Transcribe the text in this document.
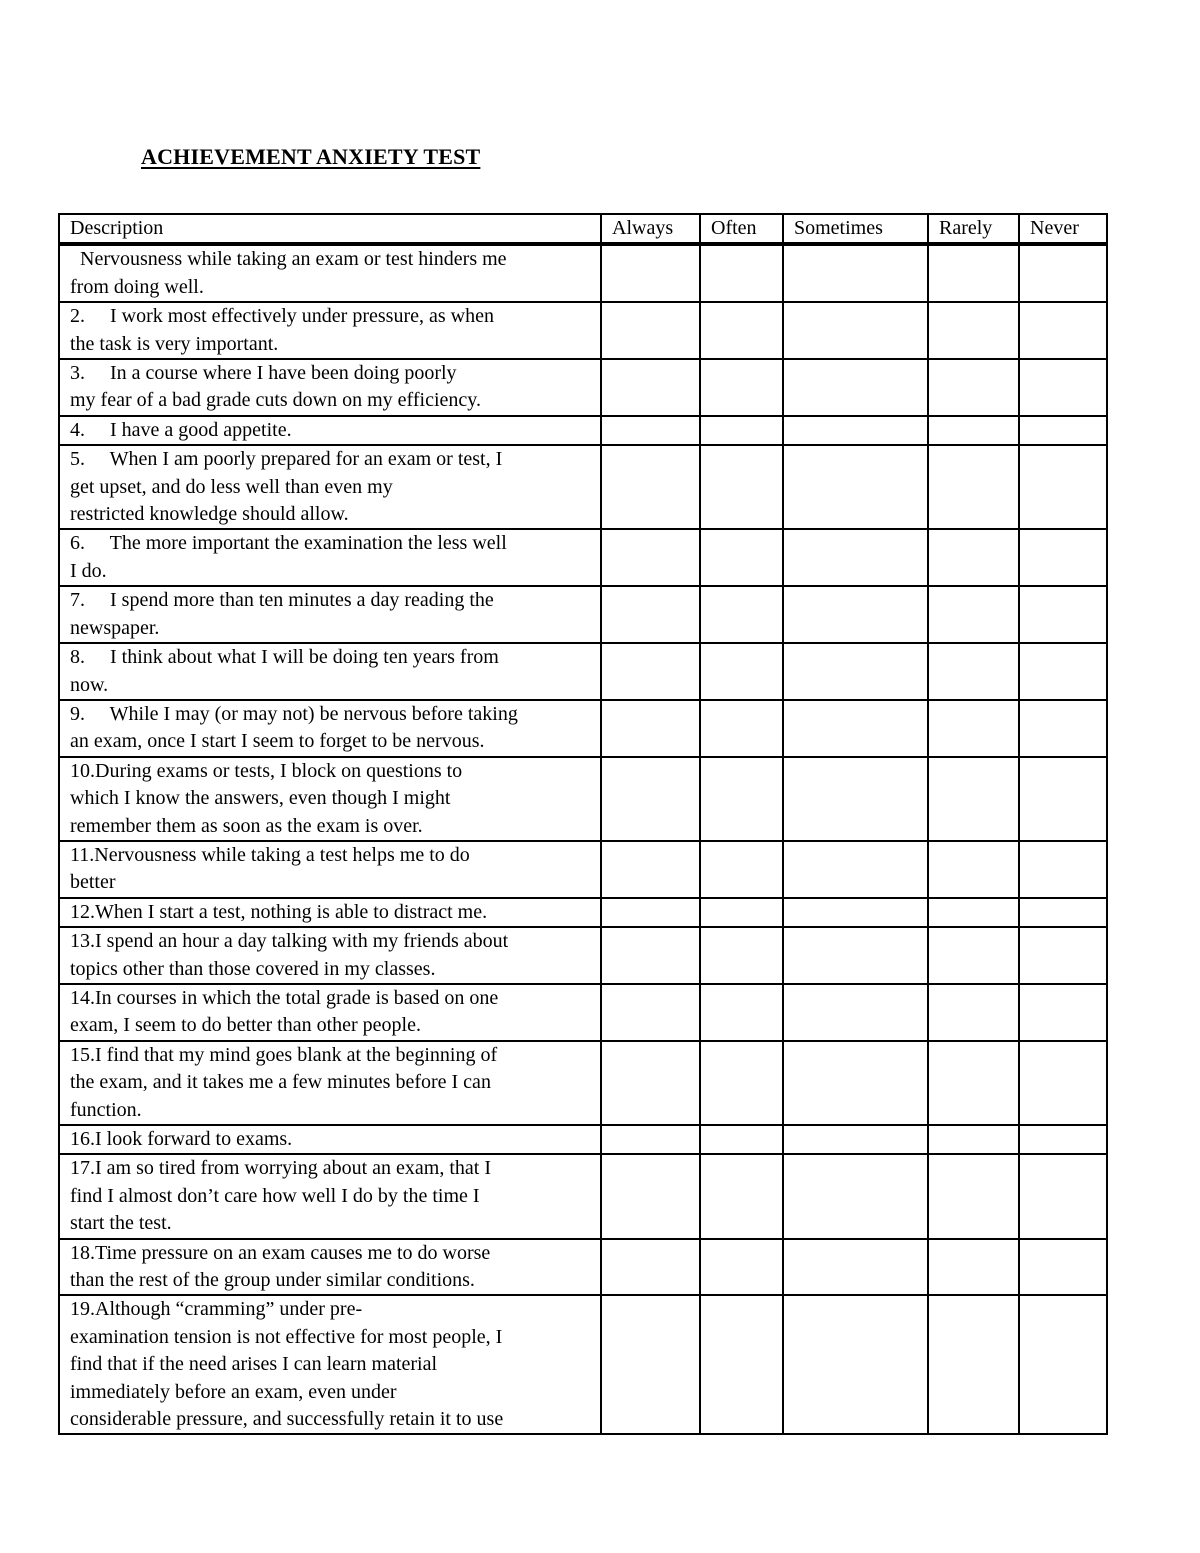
ACHIEVEMENT ANXIETY TEST
Description	Always	Often	Sometimes	Rarely	Never

Nervousness while taking an exam or test hinders me
from doing well.					

2.     I work most effectively under pressure, as when
the task is very important.					

3.     In a course where I have been doing poorly
my fear of a bad grade cuts down on my efficiency.					

4.     I have a good appetite.					

5.     When I am poorly prepared for an exam or test, I
get upset, and do less well than even my
restricted knowledge should allow.					

6.     The more important the examination the less well
I do.					

7.     I spend more than ten minutes a day reading the
newspaper.					

8.     I think about what I will be doing ten years from
now.					

9.     While I may (or may not) be nervous before taking
an exam, once I start I seem to forget to be nervous.					

10.During exams or tests, I block on questions to
which I know the answers, even though I might
remember them as soon as the exam is over.					

11.Nervousness while taking a test helps me to do
better					

12.When I start a test, nothing is able to distract me.					

13.I spend an hour a day talking with my friends about
topics other than those covered in my classes.					

14.In courses in which the total grade is based on one
exam, I seem to do better than other people.					

15.I find that my mind goes blank at the beginning of
the exam, and it takes me a few minutes before I can
function.					

16.I look forward to exams.					

17.I am so tired from worrying about an exam, that I
find I almost don’t care how well I do by the time I
start the test.					

18.Time pressure on an exam causes me to do worse
than the rest of the group under similar conditions.					

19.Although “cramming” under pre-
examination tension is not effective for most people, I
find that if the need arises I can learn material
immediately before an exam, even under
considerable pressure, and successfully retain it to use					
